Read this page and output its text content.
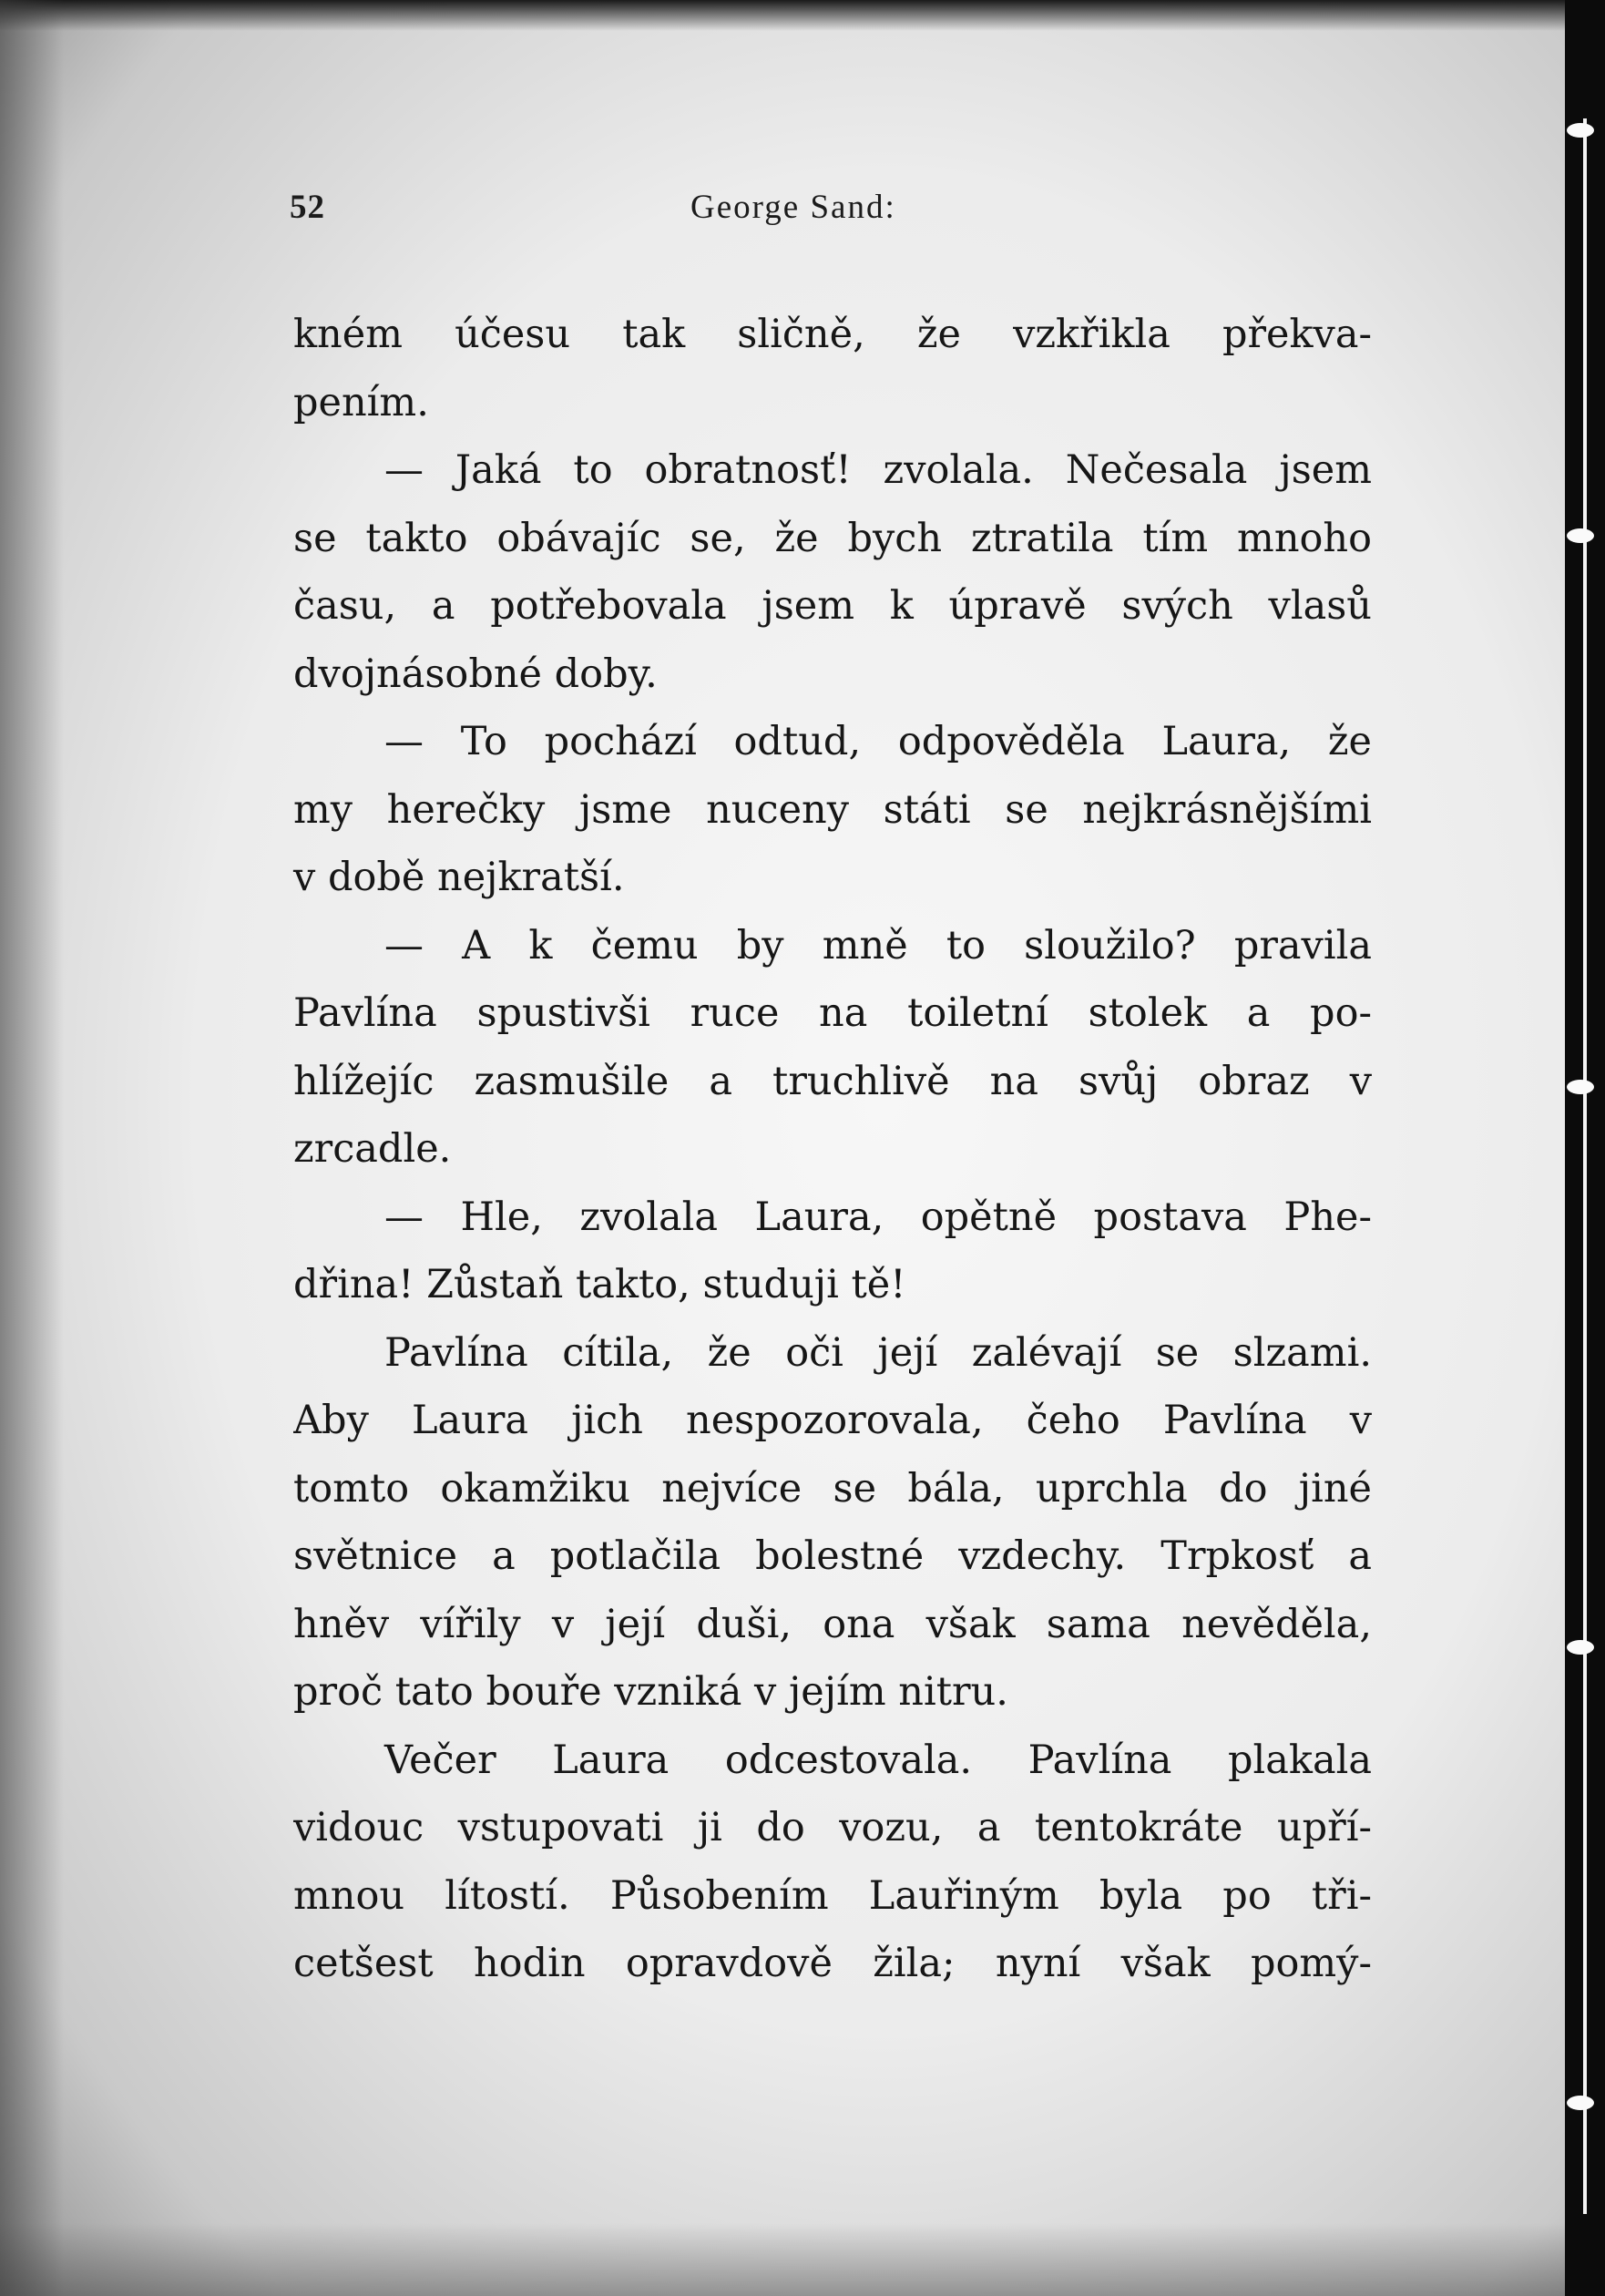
52	George Sand:
kném účesu tak sličně, že vzkřikla překva-
pením.
— Jaká to obratnosť! zvolala. Nečesala jsem
se takto obávajíc se, že bych ztratila tím mnoho
času, a potřebovala jsem k úpravě svých vlasů
dvojnásobné doby.
— To pochází odtud, odpověděla Laura, že
my herečky jsme nuceny státi se nejkrásnějšími
v době nejkratší.
— A k čemu by mně to sloužilo? pravila
Pavlína spustivši ruce na toiletní stolek a po-
hlížejíc zasmušile a truchlivě na svůj obraz v
zrcadle.
— Hle, zvolala Laura, opětně postava Phe-
dřina! Zůstaň takto, studuji tě!
Pavlína cítila, že oči její zalévají se slzami.
Aby Laura jich nespozorovala, čeho Pavlína v
tomto okamžiku nejvíce se bála, uprchla do jiné
světnice a potlačila bolestné vzdechy. Trpkosť a
hněv vířily v její duši, ona však sama nevěděla,
proč tato bouře vzniká v jejím nitru.
Večer Laura odcestovala. Pavlína plakala
vidouc vstupovati ji do vozu, a tentokráte upří-
mnou lítostí. Působením Lauřiným byla po tři-
cetšest hodin opravdově žila; nyní však pomý-
